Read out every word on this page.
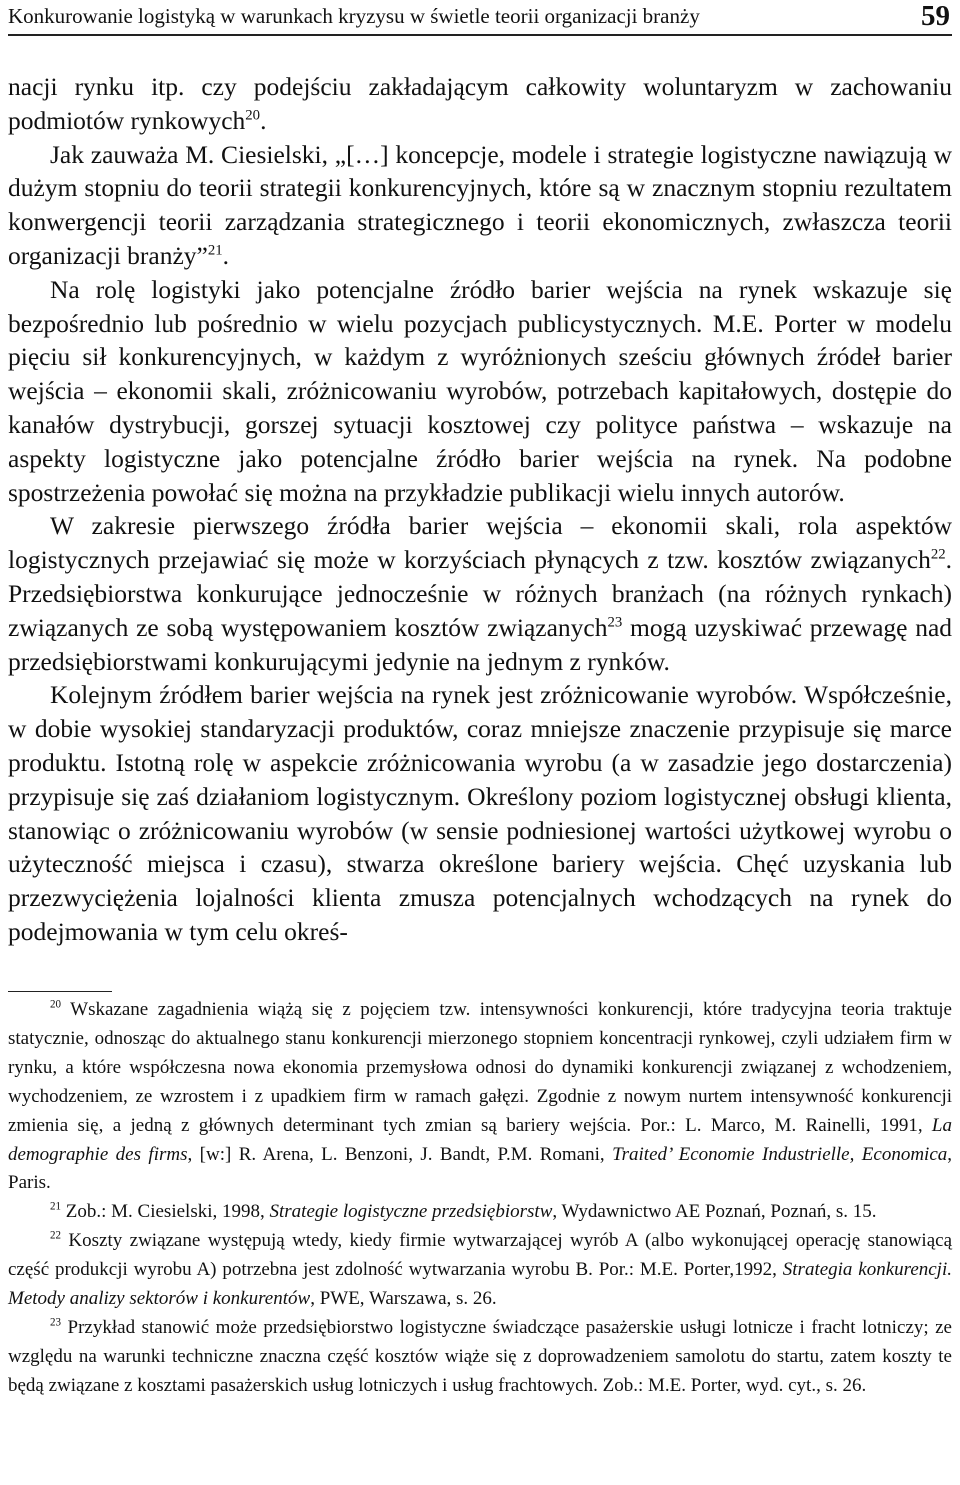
Konkurowanie logistyką w warunkach kryzysu w świetle teorii organizacji branży	59

nacji rynku itp. czy podejściu zakładającym całkowity woluntaryzm w zachowaniu podmiotów rynkowych$^{20}$.

Jak zauważa M. Ciesielski, „[…] koncepcje, modele i strategie logistyczne nawiązują w dużym stopniu do teorii strategii konkurencyjnych, które są w znacznym stopniu rezultatem konwergencji teorii zarządzania strategicznego i teorii ekonomicznych, zwłaszcza teorii organizacji branży”$^{21}$.

Na rolę logistyki jako potencjalne źródło barier wejścia na rynek wskazuje się bezpośrednio lub pośrednio w wielu pozycjach publicystycznych. M.E. Porter w modelu pięciu sił konkurencyjnych, w każdym z wyróżnionych sześciu głównych źródeł barier wejścia – ekonomii skali, zróżnicowaniu wyrobów, potrzebach kapitałowych, dostępie do kanałów dystrybucji, gorszej sytuacji kosztowej czy polityce państwa – wskazuje na aspekty logistyczne jako potencjalne źródło barier wejścia na rynek. Na podobne spostrzeżenia powołać się można na przykładzie publikacji wielu innych autorów.

W zakresie pierwszego źródła barier wejścia – ekonomii skali, rola aspektów logistycznych przejawiać się może w korzyściach płynących z tzw. kosztów związanych$^{22}$. Przedsiębiorstwa konkurujące jednocześnie w różnych branżach (na różnych rynkach) związanych ze sobą występowaniem kosztów związanych$^{23}$ mogą uzyskiwać przewagę nad przedsiębiorstwami konkurującymi jedynie na jednym z rynków.

Kolejnym źródłem barier wejścia na rynek jest zróżnicowanie wyrobów. Współcześnie, w dobie wysokiej standaryzacji produktów, coraz mniejsze znaczenie przypisuje się marce produktu. Istotną rolę w aspekcie zróżnicowania wyrobu (a w zasadzie jego dostarczenia) przypisuje się zaś działaniom logistycznym. Określony poziom logistycznej obsługi klienta, stanowiąc o zróżnicowaniu wyrobów (w sensie podniesionej wartości użytkowej wyrobu o użyteczność miejsca i czasu), stwarza określone bariery wejścia. Chęć uzyskania lub przezwyciężenia lojalności klienta zmusza potencjalnych wchodzących na rynek do podejmowania w tym celu okreś-

$^{20}$ Wskazane zagadnienia wiążą się z pojęciem tzw. intensywności konkurencji, które tradycyjna teoria traktuje statycznie, odnosząc do aktualnego stanu konkurencji mierzonego stopniem koncentracji rynkowej, czyli udziałem firm w rynku, a które współczesna nowa ekonomia przemysłowa odnosi do dynamiki konkurencji związanej z wchodzeniem, wychodzeniem, ze wzrostem i z upadkiem firm w ramach gałęzi. Zgodnie z nowym nurtem intensywność konkurencji zmienia się, a jedną z głównych determinant tych zmian są bariery wejścia. Por.: L. Marco, M. Rainelli, 1991, La demographie des firms, [w:] R. Arena, L. Benzoni, J. Bandt, P.M. Romani, Traited’ Economie Industrielle, Economica, Paris.

$^{21}$ Zob.: M. Ciesielski, 1998, Strategie logistyczne przedsiębiorstw, Wydawnictwo AE Poznań, Poznań, s. 15.

$^{22}$ Koszty związane występują wtedy, kiedy firmie wytwarzającej wyrób A (albo wykonującej operację stanowiącą część produkcji wyrobu A) potrzebna jest zdolność wytwarzania wyrobu B. Por.: M.E. Porter,1992, Strategia konkurencji. Metody analizy sektorów i konkurentów, PWE, Warszawa, s. 26.

$^{23}$ Przykład stanowić może przedsiębiorstwo logistyczne świadczące pasażerskie usługi lotnicze i fracht lotniczy; ze względu na warunki techniczne znaczna część kosztów wiąże się z doprowadzeniem samolotu do startu, zatem koszty te będą związane z kosztami pasażerskich usług lotniczych i usług frachtowych. Zob.: M.E. Porter, wyd. cyt., s. 26.
